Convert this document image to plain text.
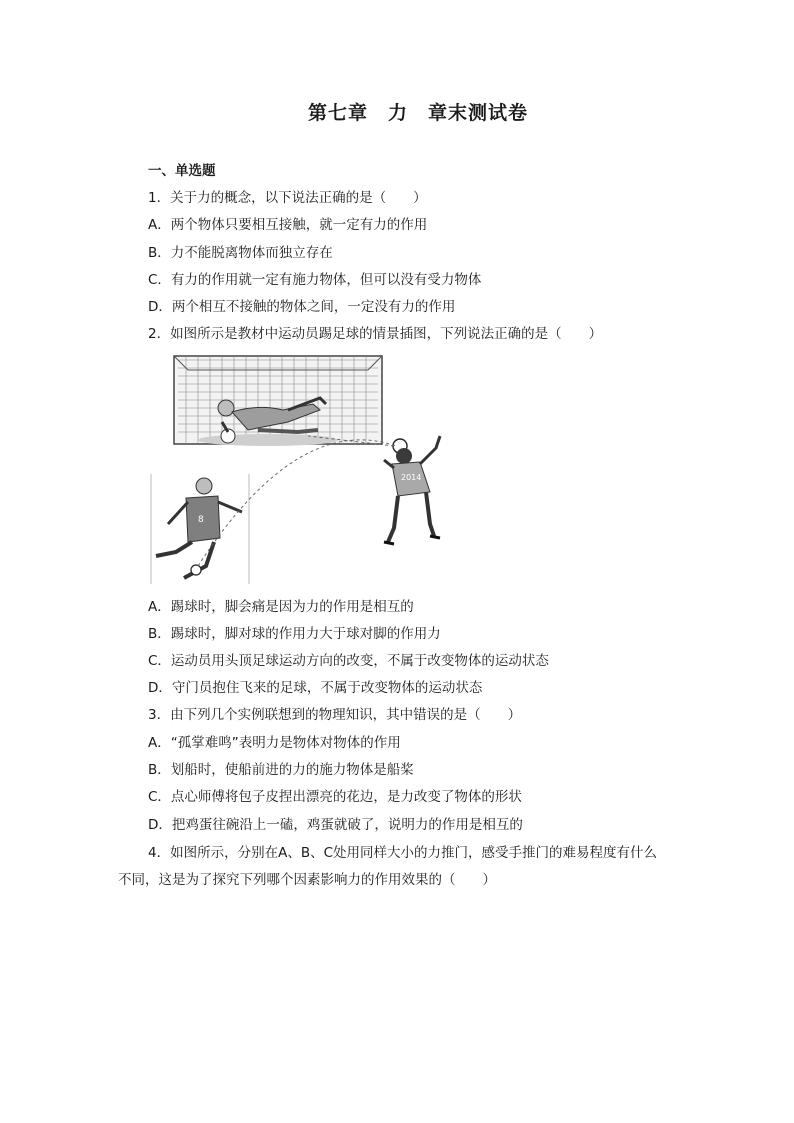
第七章　力　章末测试卷
一、单选题
1．关于力的概念，以下说法正确的是（　　）
A．两个物体只要相互接触，就一定有力的作用
B．力不能脱离物体而独立存在
C．有力的作用就一定有施力物体，但可以没有受力物体
D．两个相互不接触的物体之间，一定没有力的作用
2．如图所示是教材中运动员踢足球的情景插图，下列说法正确的是（　　）
2014
8
A．踢球时，脚会痛是因为力的作用是相互的
B．踢球时，脚对球的作用力大于球对脚的作用力
C．运动员用头顶足球运动方向的改变，不属于改变物体的运动状态
D．守门员抱住飞来的足球，不属于改变物体的运动状态
3．由下列几个实例联想到的物理知识，其中错误的是（　　）
A．“孤掌难鸣”表明力是物体对物体的作用
B．划船时，使船前进的力的施力物体是船桨
C．点心师傅将包子皮捏出漂亮的花边，是力改变了物体的形状
D．把鸡蛋往碗沿上一磕，鸡蛋就破了，说明力的作用是相互的
4．如图所示，分别在A、B、C处用同样大小的力推门，感受手推门的难易程度有什么
不同，这是为了探究下列哪个因素影响力的作用效果的（　　）
